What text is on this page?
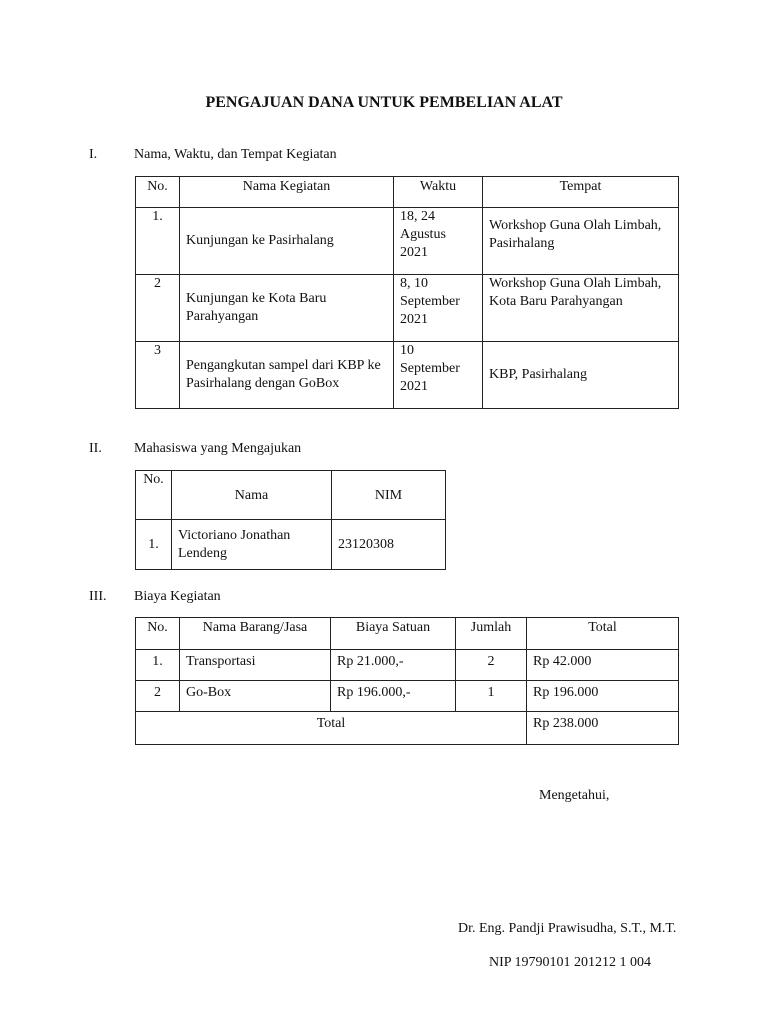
PENGAJUAN DANA UNTUK PEMBELIAN ALAT
I.	Nama, Waktu, dan Tempat Kegiatan
No.	Nama Kegiatan	Waktu	Tempat
1.	Kunjungan ke Pasirhalang	18, 24 Agustus 2021	Workshop Guna Olah Limbah, Pasirhalang
2	Kunjungan ke Kota Baru Parahyangan	8, 10 September 2021	Workshop Guna Olah Limbah, Kota Baru Parahyangan
3	Pengangkutan sampel dari KBP ke Pasirhalang dengan GoBox	10 September 2021	KBP, Pasirhalang
II. Mahasiswa yang Mengajukan
No.	Nama	NIM
1.	Victoriano Jonathan Lendeng	23120308
III. Biaya Kegiatan
No.	Nama Barang/Jasa	Biaya Satuan	Jumlah	Total
1.	Transportasi	Rp 21.000,-	2	Rp 42.000
2	Go-Box	Rp 196.000,-	1	Rp 196.000
Total				Rp 238.000
Mengetahui,
Dr. Eng. Pandji Prawisudha, S.T., M.T.
NIP 19790101 201212 1 004
